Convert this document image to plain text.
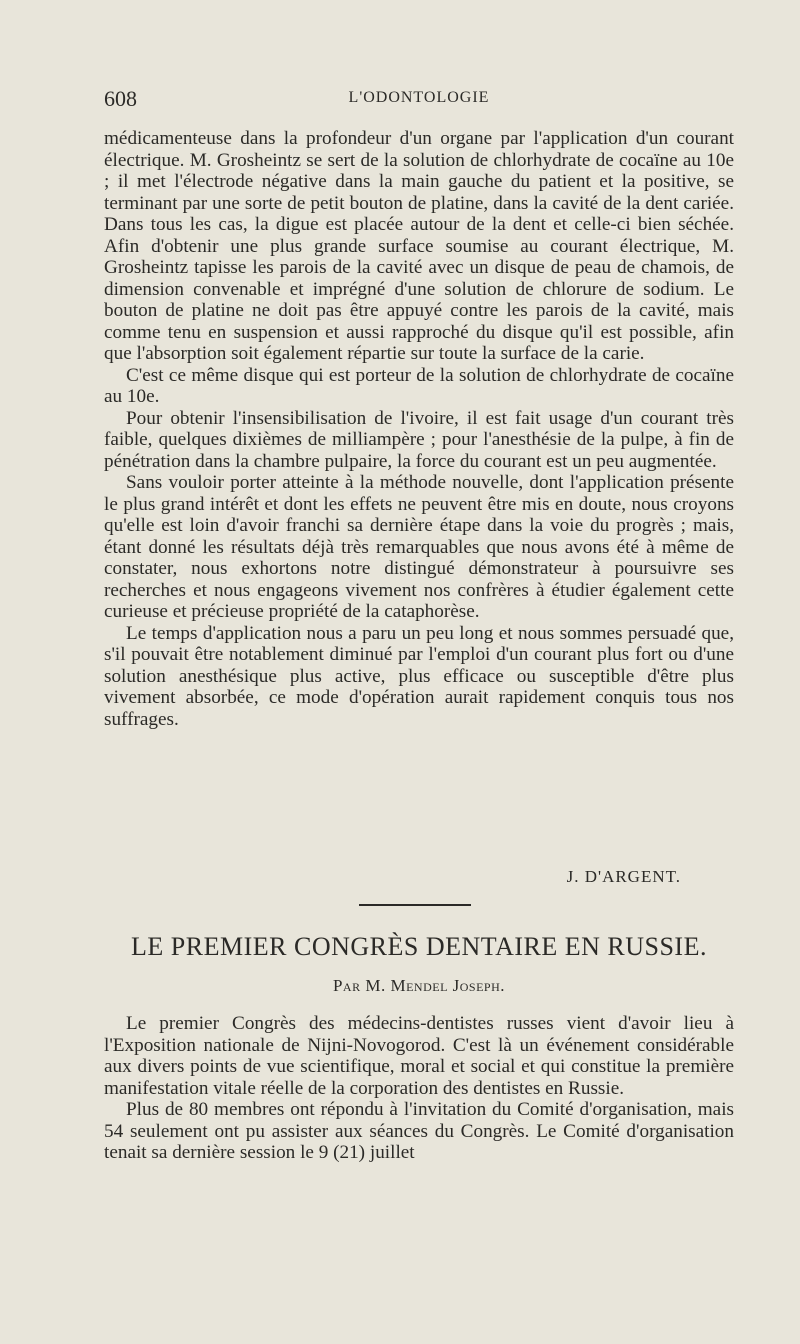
608	L'ODONTOLOGIE

médicamenteuse dans la profondeur d'un organe par l'application d'un courant électrique. M. Grosheintz se sert de la solution de chlorhydrate de cocaïne au 10e ; il met l'électrode négative dans la main gauche du patient et la positive, se terminant par une sorte de petit bouton de platine, dans la cavité de la dent cariée. Dans tous les cas, la digue est placée autour de la dent et celle-ci bien séchée. Afin d'obtenir une plus grande surface soumise au courant électrique, M. Grosheintz tapisse les parois de la cavité avec un disque de peau de chamois, de dimension convenable et imprégné d'une solution de chlorure de sodium. Le bouton de platine ne doit pas être appuyé contre les parois de la cavité, mais comme tenu en suspension et aussi rapproché du disque qu'il est possible, afin que l'absorption soit également répartie sur toute la surface de la carie.

C'est ce même disque qui est porteur de la solution de chlorhydrate de cocaïne au 10e.

Pour obtenir l'insensibilisation de l'ivoire, il est fait usage d'un courant très faible, quelques dixièmes de milliampère ; pour l'anesthésie de la pulpe, à fin de pénétration dans la chambre pulpaire, la force du courant est un peu augmentée.

Sans vouloir porter atteinte à la méthode nouvelle, dont l'application présente le plus grand intérêt et dont les effets ne peuvent être mis en doute, nous croyons qu'elle est loin d'avoir franchi sa dernière étape dans la voie du progrès ; mais, étant donné les résultats déjà très remarquables que nous avons été à même de constater, nous exhortons notre distingué démonstrateur à poursuivre ses recherches et nous engageons vivement nos confrères à étudier également cette curieuse et précieuse propriété de la cataphorèse.

Le temps d'application nous a paru un peu long et nous sommes persuadé que, s'il pouvait être notablement diminué par l'emploi d'un courant plus fort ou d'une solution anesthésique plus active, plus efficace ou susceptible d'être plus vivement absorbée, ce mode d'opération aurait rapidement conquis tous nos suffrages.

J. D'ARGENT.
LE PREMIER CONGRÈS DENTAIRE EN RUSSIE.
Par M. Mendel Joseph.

Le premier Congrès des médecins-dentistes russes vient d'avoir lieu à l'Exposition nationale de Nijni-Novogorod. C'est là un événement considérable aux divers points de vue scientifique, moral et social et qui constitue la première manifestation vitale réelle de la corporation des dentistes en Russie.

Plus de 80 membres ont répondu à l'invitation du Comité d'organisation, mais 54 seulement ont pu assister aux séances du Congrès. Le Comité d'organisation tenait sa dernière session le 9 (21) juillet
